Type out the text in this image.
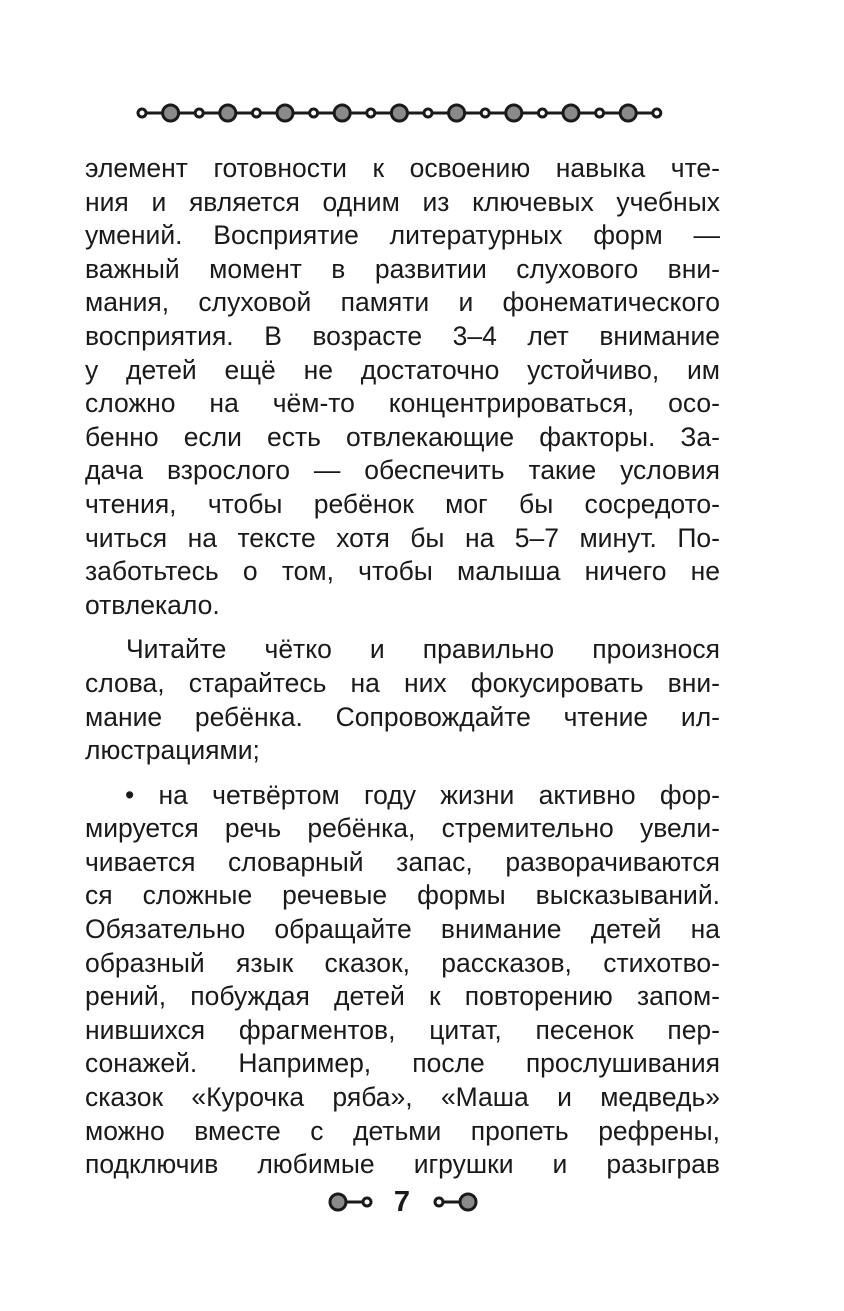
элемент готовности к освоению навыка чте-
ния и является одним из ключевых учебных
умений. Восприятие литературных форм —
важный момент в развитии слухового вни-
мания, слуховой памяти и фонематического
восприятия. В возрасте 3–4 лет внимание
у детей ещё не достаточно устойчиво, им
сложно на чём-то концентрироваться, осо-
бенно если есть отвлекающие факторы. За-
дача взрослого — обеспечить такие условия
чтения, чтобы ребёнок мог бы сосредото-
читься на тексте хотя бы на 5–7 минут. По-
заботьтесь о том, чтобы малыша ничего не
отвлекало.
Читайте чётко и правильно произнося
слова, старайтесь на них фокусировать вни-
мание ребёнка. Сопровождайте чтение ил-
люстрациями;
• на четвёртом году жизни активно фор-
мируется речь ребёнка, стремительно увели-
чивается словарный запас, разворачиваются
ся сложные речевые формы высказываний.
Обязательно обращайте внимание детей на
образный язык сказок, рассказов, стихотво-
рений, побуждая детей к повторению запом-
нившихся фрагментов, цитат, песенок пер-
сонажей. Например, после прослушивания
сказок «Курочка ряба», «Маша и медведь»
можно вместе с детьми пропеть рефрены,
подключив любимые игрушки и разыграв
7
